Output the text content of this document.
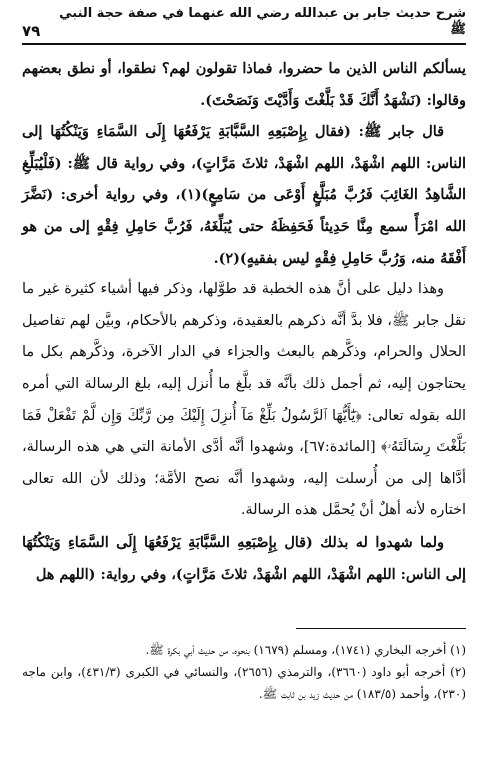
شرح حديث جابر بن عبدالله رضي الله عنهما في صفة حجة النبي ﷺ
٧٩

يسألكم الناس الذين ما حضروا، فماذا تقولون لهم؟ نطقوا، أو نطق بعضهم وقالوا: (نَشْهَدُ أَنَّكَ قَدْ بَلَّغْتَ وَأَدَّيْتَ وَنَصَحْتَ).

قال جابر ﷺ: (فقال بِإِصْبَعِهِ السَّبَّابَةِ يَرْفَعُهَا إِلَى السَّمَاءِ وَيَنْكُتُهَا إلى الناس: اللهم اشْهَدْ، اللهم اشْهَدْ، ثلاثَ مَرَّاتٍ)، وفي رواية قال ﷺ: (فَلْيُبَلِّغِ الشَّاهِدُ الغَائِبَ فَرُبَّ مُبَلَّغٍ أَوْعَى من سَامِعٍ)(١)، وفي رواية أخرى: (نَضَّرَ الله امْرَأً سمع مِنَّا حَدِيثاً فَحَفِظَهُ حتى يُبَلِّغَهُ، فَرُبَّ حَامِلِ فِقْهٍ إلى من هو أَفْقَهُ منه، وَرُبَّ حَامِلِ فِقْهٍ ليس بفقيهٍ)(٢).

وهذا دليل على أنَّ هذه الخطبة قد طوَّلها، وذكر فيها أشياء كثيرة غير ما نقل جابر ﷺ، فلا بدَّ أنَّه ذكرهم بالعقيدة، وذكرهم بالأحكام، وبيَّن لهم تفاصيل الحلال والحرام، وذكَّرهم بالبعث والجزاء في الدار الآخرة، وذكَّرهم بكل ما يحتاجون إليه، ثم أجمل ذلك بأنَّه قد بلَّغ ما أُنزل إليه، بلغ الرسالة التي أمره الله بقوله تعالى: ﴿يَٰٓأَيُّهَا ٱلرَّسُولُ بَلِّغْ مَآ أُنزِلَ إِلَيْكَ مِن رَّبِّكَ وَإِن لَّمْ تَفْعَلْ فَمَا بَلَّغْتَ رِسَالَتَهُۥ﴾ [المائدة:٦٧]، وشهدوا أنَّه أدَّى الأمانة التي هي هذه الرسالة، أدَّاها إلى من أُرسلت إليه، وشهدوا أنَّه نصح الأمَّة؛ وذلك لأن الله تعالى اختاره لأنه أهلٌ أنْ يُحمَّل هذه الرسالة.

ولما شهدوا له بذلك (قال بِإِصْبَعِهِ السَّبَّابَةِ يَرْفَعُهَا إِلَى السَّمَاءِ وَيَنْكُتُهَا إلى الناس: اللهم اشْهَدْ، اللهم اشْهَدْ، ثلاثَ مَرَّاتٍ)، وفي رواية: (اللهم هل

(١) أخرجه البخاري (١٧٤١)، ومسلم (١٦٧٩) بنحوه، من حديث أبي بكرة ﷺ.

(٢) أخرجه أبو داود (٣٦٦٠)، والترمذي (٢٦٥٦)، والنسائي في الكبرى (٤٣١/٣)، وابن ماجه (٢٣٠)، وأحمد (١٨٣/٥) من حديث زيد بن ثابت ﷺ.
